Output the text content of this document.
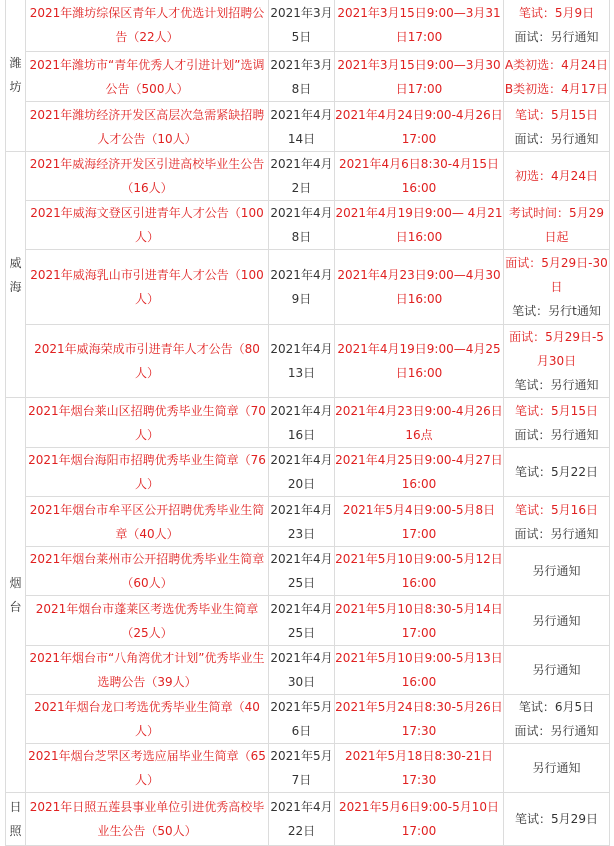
潍
坊	2021年潍坊综保区青年人才优选计划招聘公告（22人）	2021年3月5日	2021年3月15日9:00—3月31日17:00	笔试：5月9日
面试：另行通知

	2021年潍坊市“青年优秀人才引进计划”选调公告（500人）	2021年3月8日	2021年3月15日9:00—3月30日17:00	A类初选：4月24日
B类初选：4月17日

	2021年潍坊经济开发区高层次急需紧缺招聘人才公告（10人）	2021年4月14日	2021年4月24日9:00-4月26日17:00	笔试：5月15日
面试：另行通知

威
海	2021年威海经济开发区引进高校毕业生公告（16人）	2021年4月2日	2021年4月6日8:30-4月15日16:00	初选：4月24日

	2021年威海文登区引进青年人才公告（100人）	2021年4月8日	2021年4月19日9:00— 4月21日16:00	考试时间：5月29日起

	2021年威海乳山市引进青年人才公告（100人）	2021年4月9日	2021年4月23日9:00—4月30日16:00	面试：5月29日-30日
笔试：另行t通知

	2021年威海荣成市引进青年人才公告（80人）	2021年4月13日	2021年4月19日9:00—4月25日16:00	面试：5月29日-5月30日
笔试：另行通知

烟
台	2021年烟台莱山区招聘优秀毕业生简章（70人）	2021年4月16日	2021年4月23日9:00-4月26日16点	笔试：5月15日
面试：另行通知

	2021年烟台海阳市招聘优秀毕业生简章（76人）	2021年4月20日	2021年4月25日9:00-4月27日16:00	笔试：5月22日

	2021年烟台市牟平区公开招聘优秀毕业生简章（40人）	2021年4月23日	2021年5月4日9:00-5月8日17:00	笔试：5月16日
面试：另行通知

	2021年烟台莱州市公开招聘优秀毕业生简章（60人）	2021年4月25日	2021年5月10日9:00-5月12日16:00	另行通知

	2021年烟台市蓬莱区考选优秀毕业生简章（25人）	2021年4月25日	2021年5月10日8:30-5月14日17:00	另行通知

	2021年烟台市“八角湾优才计划”优秀毕业生选聘公告（39人）	2021年4月30日	2021年5月10日9:00-5月13日16:00	另行通知

	2021年烟台龙口考选优秀毕业生简章（40人）	2021年5月6日	2021年5月24日8:30-5月26日17:30	笔试：6月5日
面试：另行通知

	2021年烟台芝罘区考选应届毕业生简章（65人）	2021年5月7日	2021年5月18日8:30-21日17:30	另行通知

日
照	2021年日照五莲县事业单位引进优秀高校毕业生公告（50人）	2021年4月22日	2021年5月6日9:00-5月10日17:00	笔试：5月29日
